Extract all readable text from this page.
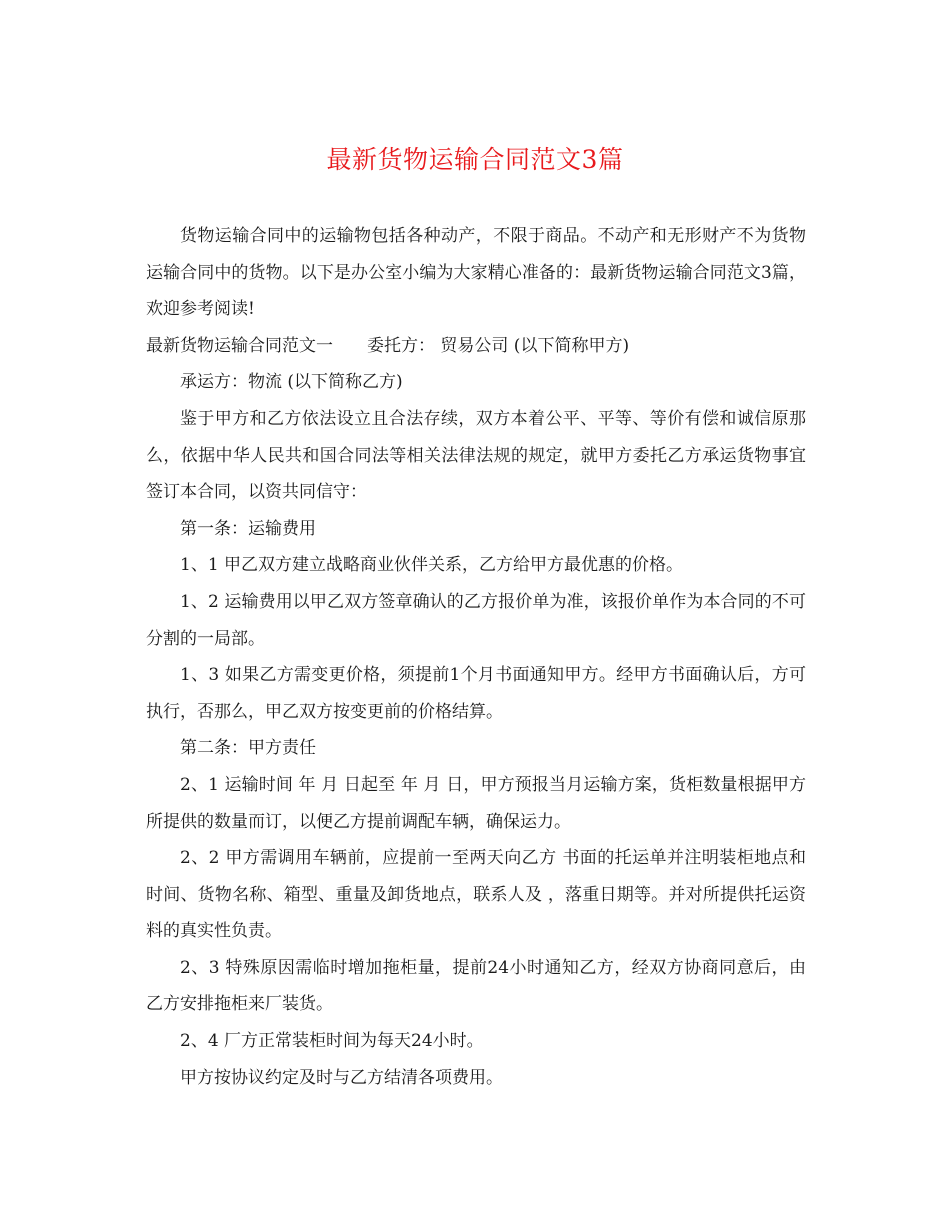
最新货物运输合同范文3篇

货物运输合同中的运输物包括各种动产，不限于商品。不动产和无形财产不为货物运输合同中的货物。以下是办公室小编为大家精心准备的：最新货物运输合同范文3篇，欢迎参考阅读!

最新货物运输合同范文一 委托方： 贸易公司 (以下简称甲方)

承运方：物流 (以下简称乙方)

鉴于甲方和乙方依法设立且合法存续，双方本着公平、平等、等价有偿和诚信原那么，依据中华人民共和国合同法等相关法律法规的规定，就甲方委托乙方承运货物事宜签订本合同，以资共同信守：

第一条：运输费用

1、1 甲乙双方建立战略商业伙伴关系，乙方给甲方最优惠的价格。

1、2 运输费用以甲乙双方签章确认的乙方报价单为准，该报价单作为本合同的不可分割的一局部。

1、3 如果乙方需变更价格，须提前1个月书面通知甲方。经甲方书面确认后，方可执行，否那么，甲乙双方按变更前的价格结算。

第二条：甲方责任

2、1 运输时间 年 月 日起至 年 月 日，甲方预报当月运输方案，货柜数量根据甲方所提供的数量而订，以便乙方提前调配车辆，确保运力。

2、2 甲方需调用车辆前，应提前一至两天向乙方 书面的托运单并注明装柜地点和时间、货物名称、箱型、重量及卸货地点，联系人及 ，落重日期等。并对所提供托运资料的真实性负责。

2、3 特殊原因需临时增加拖柜量，提前24小时通知乙方，经双方协商同意后，由乙方安排拖柜来厂装货。

2、4 厂方正常装柜时间为每天24小时。

甲方按协议约定及时与乙方结清各项费用。
